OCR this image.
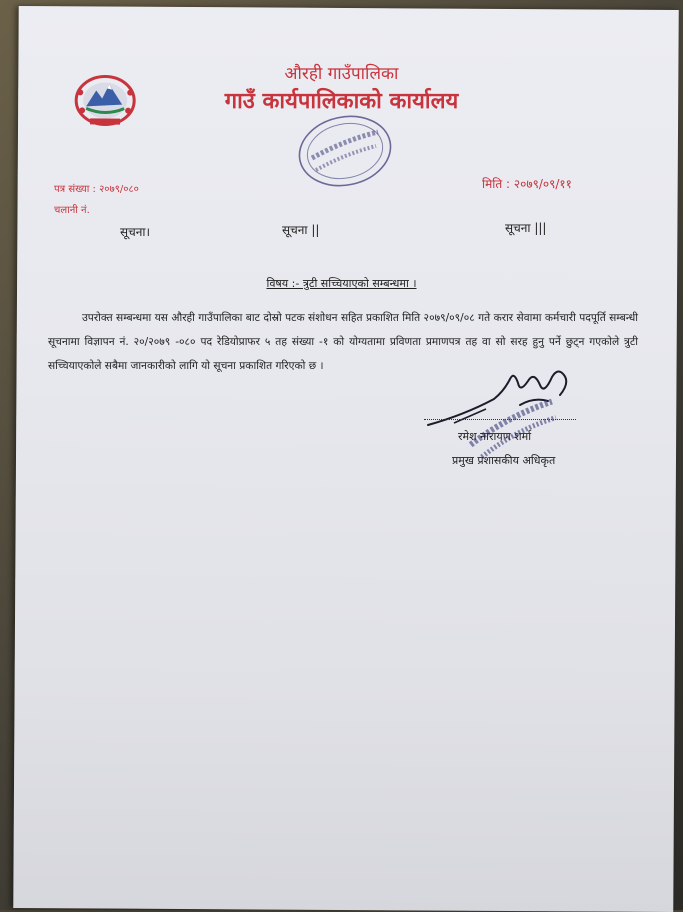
औरही गाउँपालिका
गाउँ कार्यपालिकाको कार्यालय
पत्र संख्या : २०७९/०८०
चलानी नं.
मिति : २०७९/०९/११
सूचना।	सूचना ||	सूचना |||
विषय :- त्रुटी सच्चियाएको सम्बन्धमा ।
उपरोक्त सम्बन्धमा यस औरही गाउँपालिका बाट दोस्रो पटक संशोधन सहित प्रकाशित मिति २०७९/०९/०८ गते करार सेवामा कर्मचारी पदपूर्ति सम्बन्धी सूचनामा विज्ञापन नं. २०/२०७९ -०८० पद रेडियोप्राफर ५ तह संख्या -१ को योग्यतामा प्रविणता प्रमाणपत्र तह वा सो सरह हुनु पर्ने छुट्न गएकोले त्रुटी सच्चियाएकोले सबैमा जानकारीको लागि यो सूचना प्रकाशित गरिएको छ ।
रमेश नारायण शर्मा
प्रमुख प्रशासकीय अधिकृत
